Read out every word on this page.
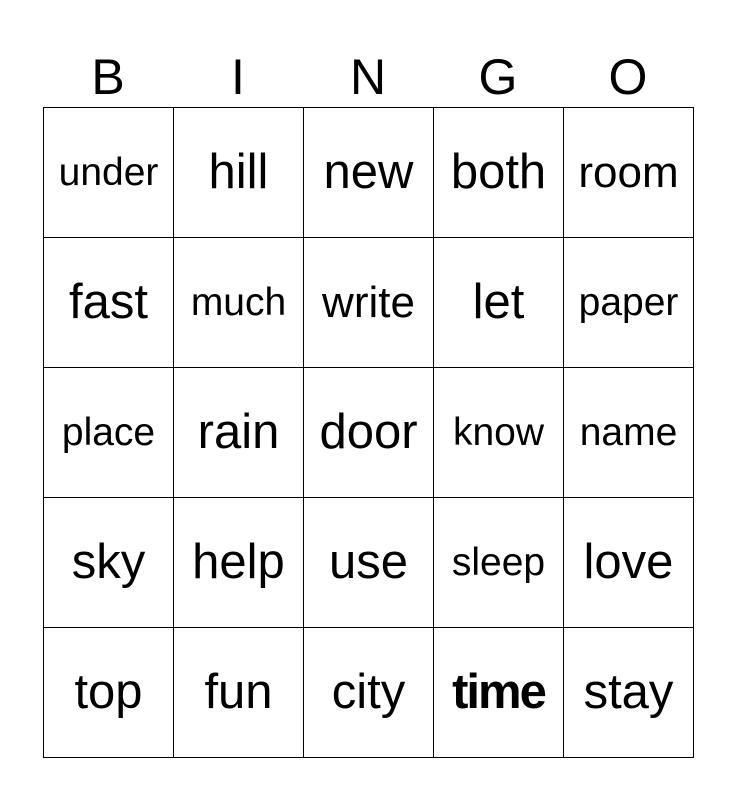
B	I	N	G	O
under	hill	new both room
fast	much write	let	paper
place rain door know name
sky help use	sleep love
top	fun	city time stay
